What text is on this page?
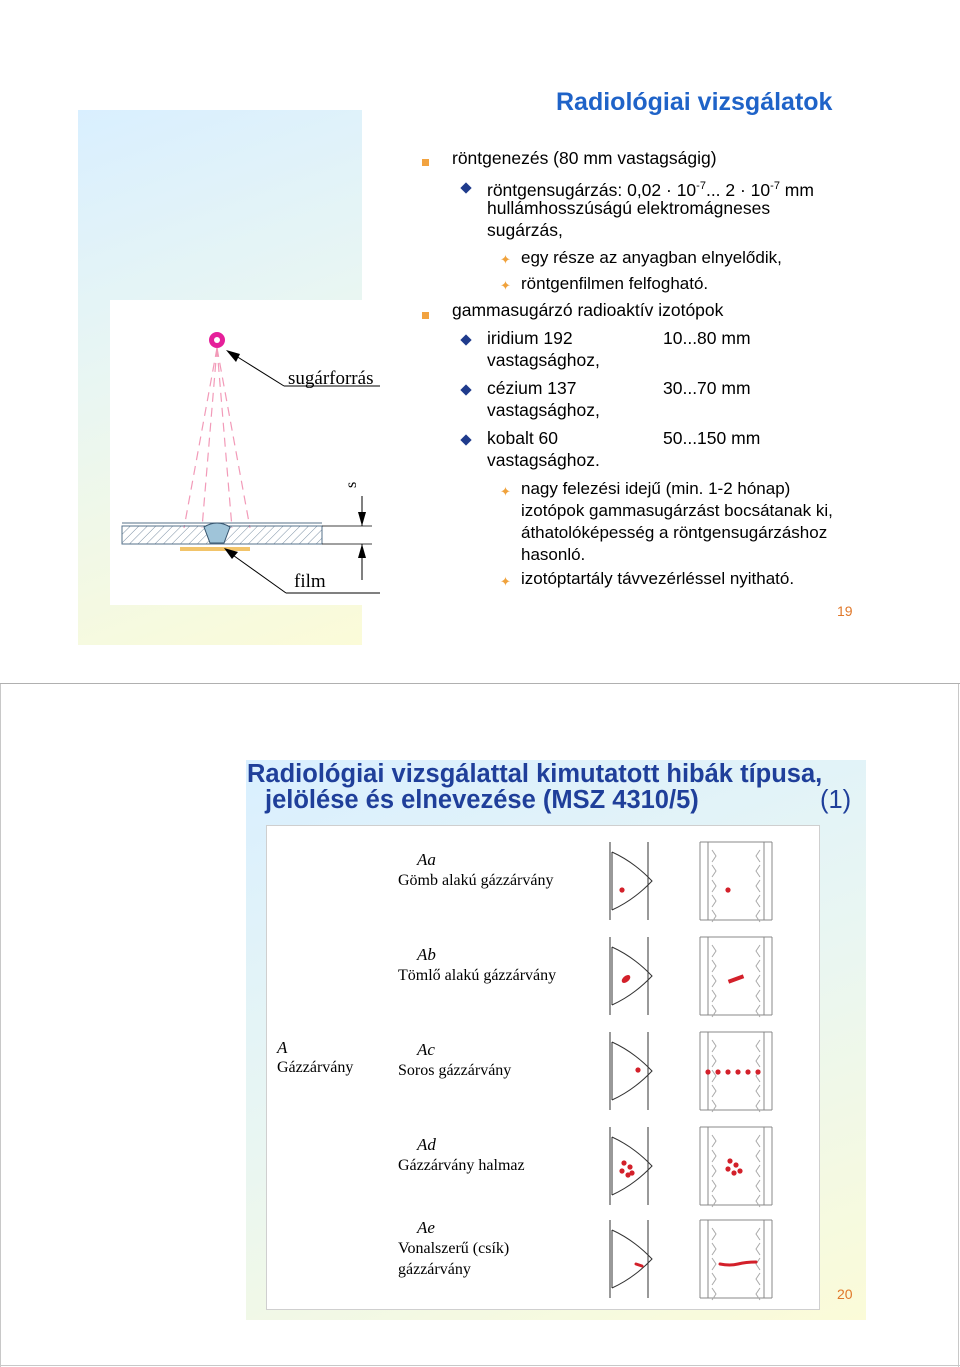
Radiológiai vizsgálatok
s
sugárforrás
film
röntgenezés (80 mm vastagságig)
röntgensugárzás: $0,02 \cdot 10^{-7}$... $2 \cdot 10^{-7}$ mm
hullámhosszúságú elektromágneses
sugárzás,
✦ egy része az anyagban elnyelődik,
✦ röntgenfilmen felfogható.
gammasugárzó radioaktív izotópok
iridium 192	10...80 mm
vastagsághoz,
cézium 137	30...70 mm
vastagsághoz,
kobalt 60	50...150 mm
vastagsághoz.
✦ nagy felezési idejű (min. 1-2 hónap)
izotópok gammasugárzást bocsátanak ki,
áthatolóképesség a röntgensugárzáshoz
hasonló.
✦ izotóptartály távvezérléssel nyitható.
19
Radiológiai vizsgálattal kimutatott hibák típusa,
jelölése és elnevezése (MSZ 4310/5)	(1)
A
Gázzárvány
Aa
Gömb alakú gázzárvány
Ab
Tömlő alakú gázzárvány
Ac
Soros gázzárvány
Ad
Gázzárvány halmaz
Ae
Vonalszerű (csík)
gázzárvány
20
